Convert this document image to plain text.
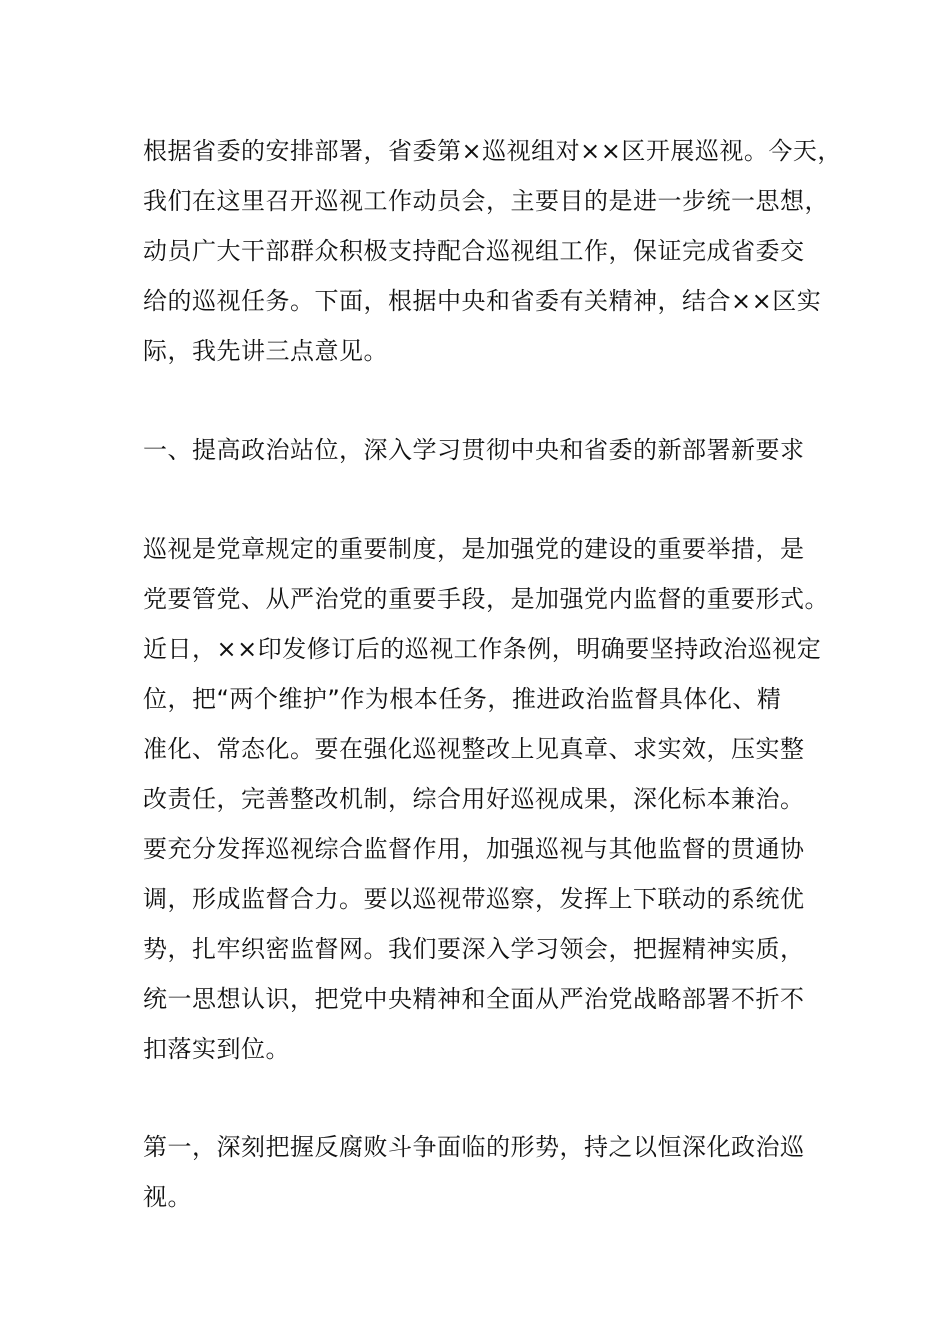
根据省委的安排部署，省委第×巡视组对××区开展巡视。今天，
我们在这里召开巡视工作动员会，主要目的是进一步统一思想，
动员广大干部群众积极支持配合巡视组工作，保证完成省委交
给的巡视任务。下面，根据中央和省委有关精神，结合××区实
际，我先讲三点意见。
一、提高政治站位，深入学习贯彻中央和省委的新部署新要求
巡视是党章规定的重要制度，是加强党的建设的重要举措，是
党要管党、从严治党的重要手段，是加强党内监督的重要形式。
近日，××印发修订后的巡视工作条例，明确要坚持政治巡视定
位，把“两个维护”作为根本任务，推进政治监督具体化、精
准化、常态化。要在强化巡视整改上见真章、求实效，压实整
改责任，完善整改机制，综合用好巡视成果，深化标本兼治。
要充分发挥巡视综合监督作用，加强巡视与其他监督的贯通协
调，形成监督合力。要以巡视带巡察，发挥上下联动的系统优
势，扎牢织密监督网。我们要深入学习领会，把握精神实质，
统一思想认识，把党中央精神和全面从严治党战略部署不折不
扣落实到位。
第一，深刻把握反腐败斗争面临的形势，持之以恒深化政治巡
视。
